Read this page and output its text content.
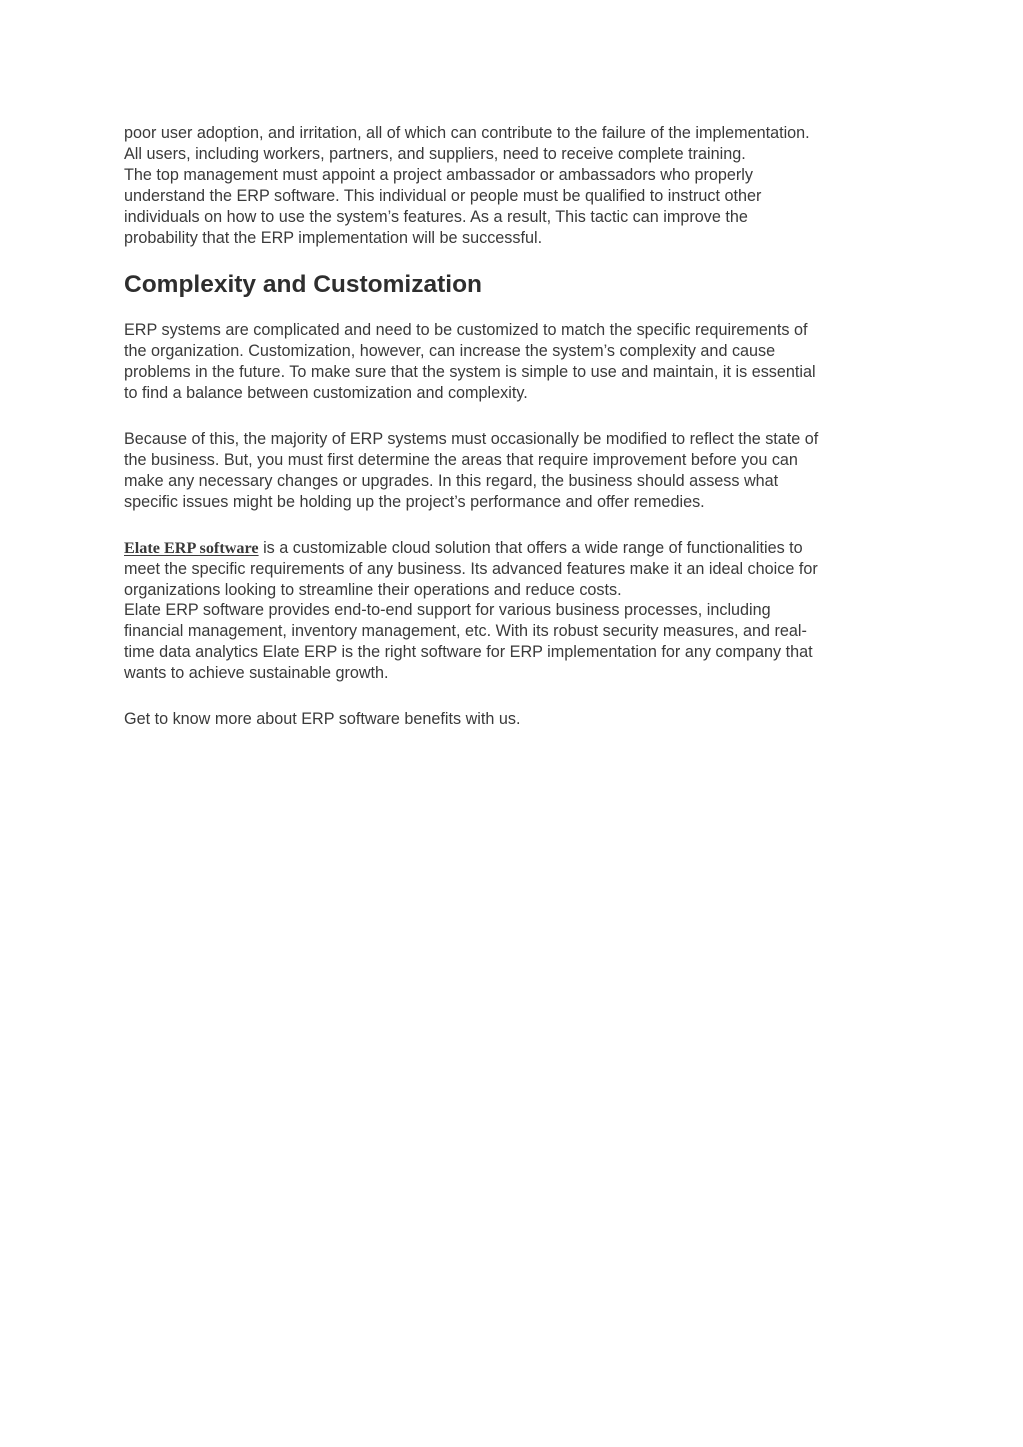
poor user adoption, and irritation, all of which can contribute to the failure of the implementation.
All users, including workers, partners, and suppliers, need to receive complete training.
The top management must appoint a project ambassador or ambassadors who properly
understand the ERP software. This individual or people must be qualified to instruct other
individuals on how to use the system’s features. As a result, This tactic can improve the
probability that the ERP implementation will be successful.
Complexity and Customization
ERP systems are complicated and need to be customized to match the specific requirements of
the organization. Customization, however, can increase the system’s complexity and cause
problems in the future. To make sure that the system is simple to use and maintain, it is essential
to find a balance between customization and complexity.
Because of this, the majority of ERP systems must occasionally be modified to reflect the state of
the business. But, you must first determine the areas that require improvement before you can
make any necessary changes or upgrades. In this regard, the business should assess what
specific issues might be holding up the project’s performance and offer remedies.
Elate ERP software is a customizable cloud solution that offers a wide range of functionalities to
meet the specific requirements of any business. Its advanced features make it an ideal choice for
organizations looking to streamline their operations and reduce costs.
Elate ERP software provides end-to-end support for various business processes, including
financial management, inventory management, etc. With its robust security measures, and real-
time data analytics Elate ERP is the right software for ERP implementation for any company that
wants to achieve sustainable growth.
Get to know more about ERP software benefits with us.
